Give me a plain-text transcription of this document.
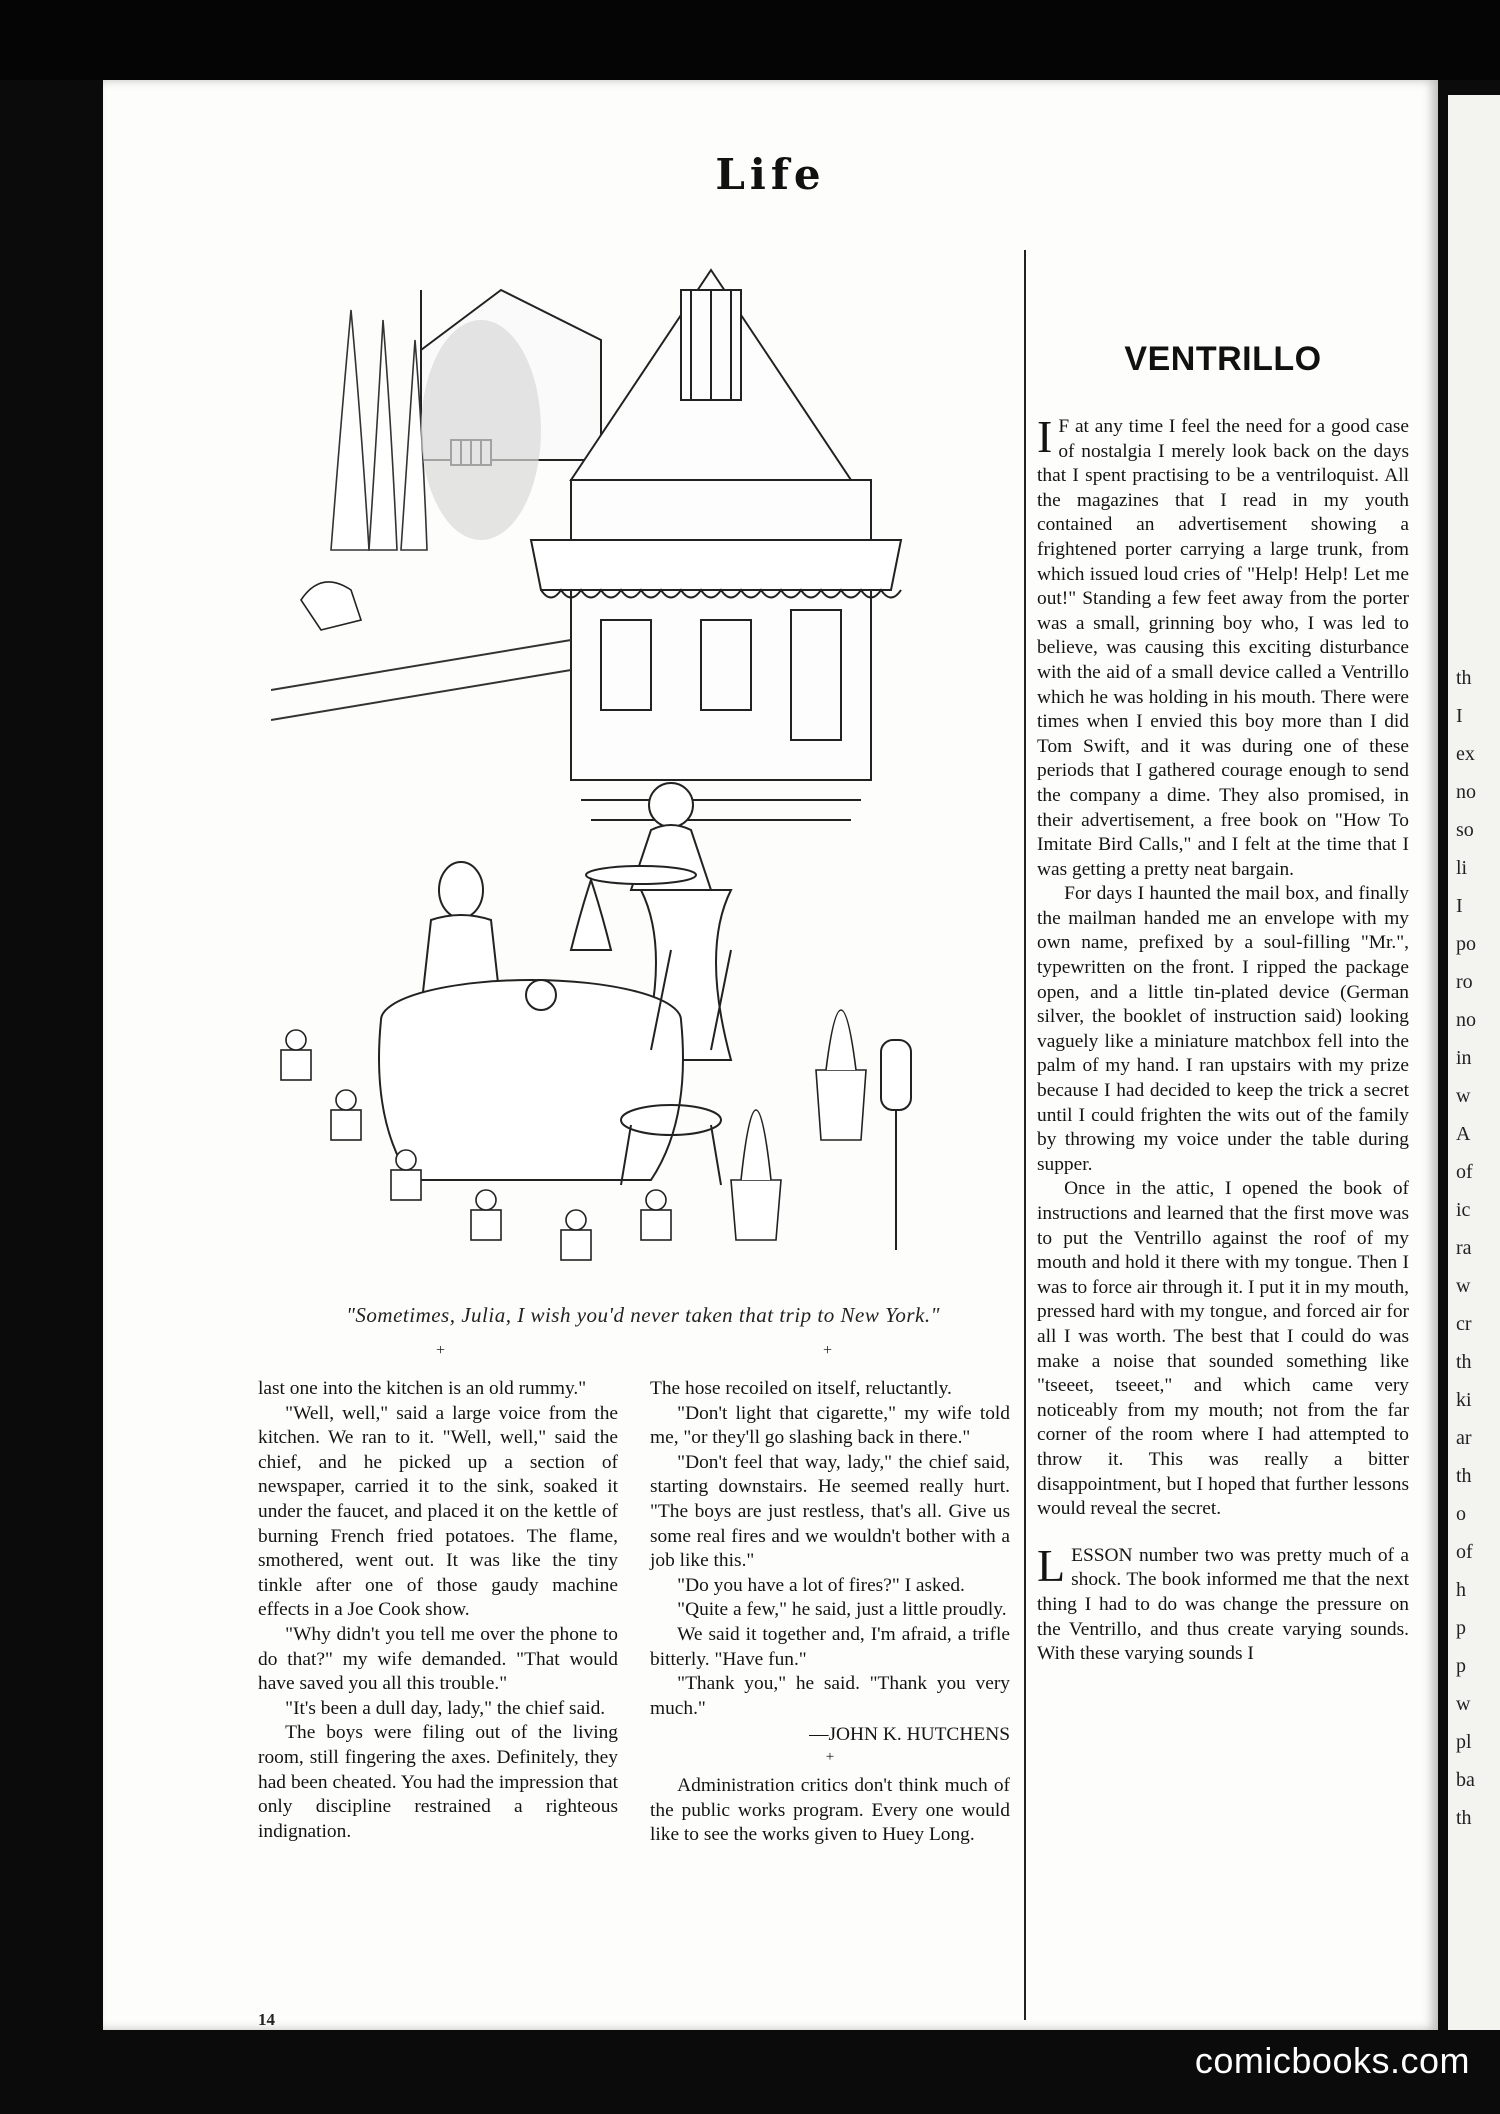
Life
"Sometimes, Julia, I wish you'd never taken that trip to New York."
+	+

last one into the kitchen is an old rummy."

"Well, well," said a large voice from the kitchen. We ran to it. "Well, well," said the chief, and he picked up a section of newspaper, carried it to the sink, soaked it under the faucet, and placed it on the kettle of burning French fried potatoes. The flame, smothered, went out. It was like the tiny tinkle after one of those gaudy machine effects in a Joe Cook show.

"Why didn't you tell me over the phone to do that?" my wife demanded. "That would have saved you all this trouble."

"It's been a dull day, lady," the chief said.

The boys were filing out of the living room, still fingering the axes. Definitely, they had been cheated. You had the impression that only discipline restrained a righteous indignation.

The hose recoiled on itself, reluctantly.

"Don't light that cigarette," my wife told me, "or they'll go slashing back in there."

"Don't feel that way, lady," the chief said, starting downstairs. He seemed really hurt. "The boys are just restless, that's all. Give us some real fires and we wouldn't bother with a job like this."

"Do you have a lot of fires?" I asked.

"Quite a few," he said, just a little proudly.

We said it together and, I'm afraid, a trifle bitterly. "Have fun."

"Thank you," he said. "Thank you very much."

—JOHN K. HUTCHENS
+

Administration critics don't think much of the public works program. Every one would like to see the works given to Huey Long.

VENTRILLO

I F at any time I feel the need for a good case of nostalgia I merely look back on the days that I spent practising to be a ventriloquist. All the magazines that I read in my youth contained an advertisement showing a frightened porter carrying a large trunk, from which issued loud cries of "Help! Help! Let me out!" Standing a few feet away from the porter was a small, grinning boy who, I was led to believe, was causing this exciting disturbance with the aid of a small device called a Ventrillo which he was holding in his mouth. There were times when I envied this boy more than I did Tom Swift, and it was during one of these periods that I gathered courage enough to send the company a dime. They also promised, in their advertisement, a free book on "How To Imitate Bird Calls," and I felt at the time that I was getting a pretty neat bargain.

For days I haunted the mail box, and finally the mailman handed me an envelope with my own name, prefixed by a soul-filling "Mr.", typewritten on the front. I ripped the package open, and a little tin-plated device (German silver, the booklet of instruction said) looking vaguely like a miniature matchbox fell into the palm of my hand. I ran upstairs with my prize because I had decided to keep the trick a secret until I could frighten the wits out of the family by throwing my voice under the table during supper.

Once in the attic, I opened the book of instructions and learned that the first move was to put the Ventrillo against the roof of my mouth and hold it there with my tongue. Then I was to force air through it. I put it in my mouth, pressed hard with my tongue, and forced air for all I was worth. The best that I could do was make a noise that sounded something like "tseeet, tseeet," and which came very noticeably from my mouth; not from the far corner of the room where I had attempted to throw it. This was really a bitter disappointment, but I hoped that further lessons would reveal the secret.

LESSON number two was pretty much of a shock. The book informed me that the next thing I had to do was change the pressure on the Ventrillo, and thus create varying sounds. With these varying sounds I

14
th
I
ex
no
so
li
I
po
ro
no
in
w
A
of
ic
ra
w
cr
th
ki
ar
th
o
of
h
p
p
w
pl
ba
th
comicbooks.com
